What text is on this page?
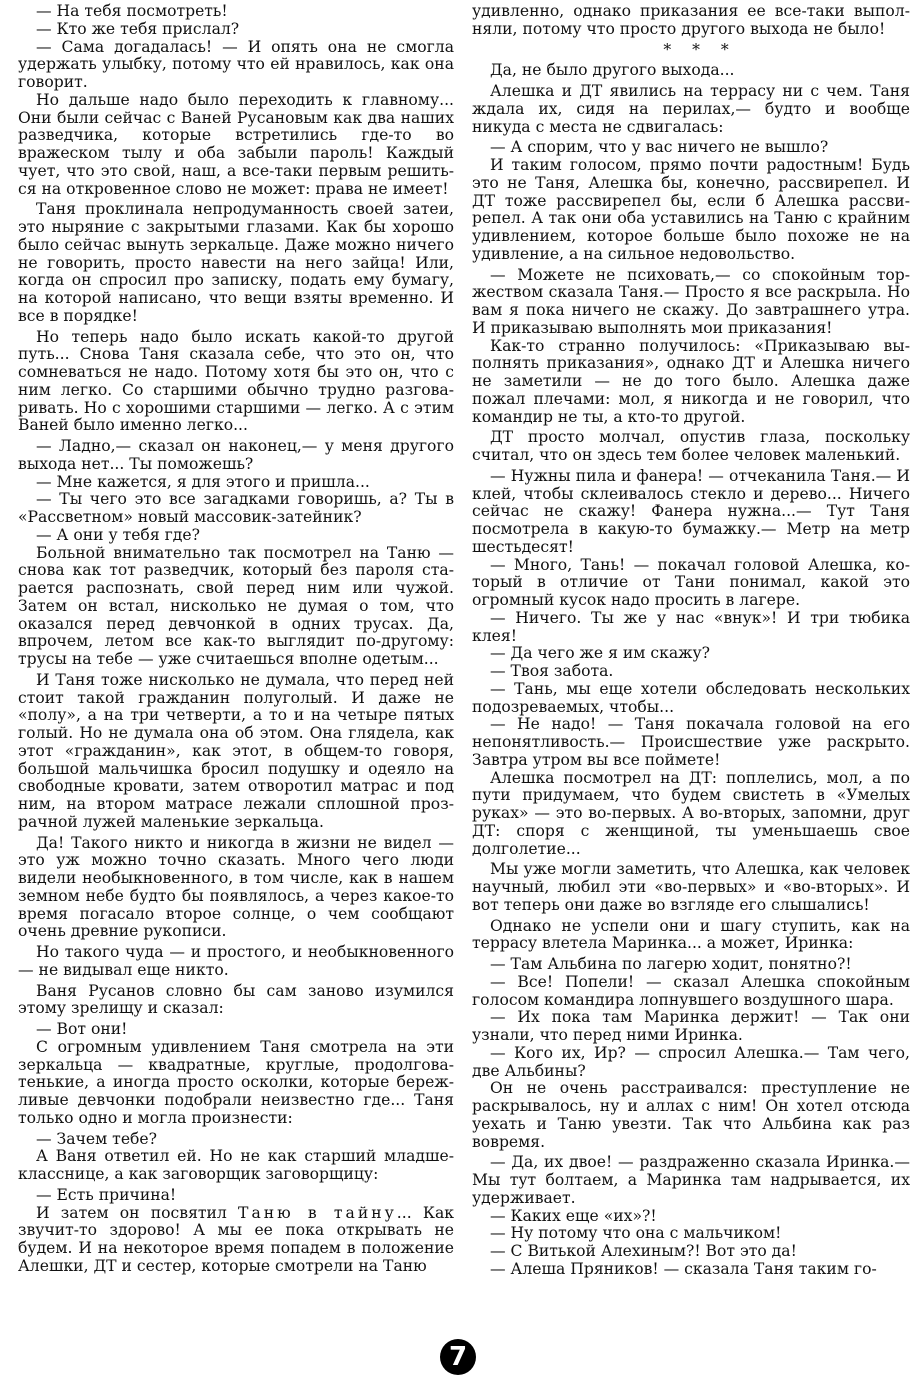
— На тебя посмотреть!

— Кто же тебя прислал?

— Сама догадалась! — И опять она не смогла удержать улыбку, потому что ей нравилось, как она говорит.

Но дальше надо было переходить к главному... Они были сейчас с Ваней Русановым как два наших разведчика, которые встретились где-то во вражеском тылу и оба забыли пароль! Каждый чует, что это свой, наш, а все-таки первым решиться на откровенное слово не может: права не имеет!

Таня проклинала непродуманность своей затеи, это ныряние с закрытыми глазами. Как бы хорошо было сейчас вынуть зеркальце. Даже можно ничего не говорить, просто навести на него зайца! Или, когда он спросил про записку, подать ему бумагу, на которой написано, что вещи взяты временно. И все в порядке!

Но теперь надо было искать какой-то другой путь... Снова Таня сказала себе, что это он, что сомневаться не надо. Потому хотя бы это он, что с ним легко. Со старшими обычно трудно разговаривать. Но с хорошими старшими — легко. А с этим Ваней было именно легко...

— Ладно,— сказал он наконец,— у меня другого выхода нет... Ты поможешь?

— Мне кажется, я для этого и пришла...

— Ты чего это все загадками говоришь, а? Ты в «Рассветном» новый массовик-затейник?

— А они у тебя где?

Больной внимательно так посмотрел на Таню — снова как тот разведчик, который без пароля старается распознать, свой перед ним или чужой. Затем он встал, нисколько не думая о том, что оказался перед девчонкой в одних трусах. Да, впрочем, летом все как-то выглядит по-другому: трусы на тебе — уже считаешься вполне одетым...

И Таня тоже нисколько не думала, что перед ней стоит такой гражданин полуголый. И даже не «полу», а на три четверти, а то и на четыре пятых голый. Но не думала она об этом. Она глядела, как этот «гражданин», как этот, в общем-то говоря, большой мальчишка бросил подушку и одеяло на свободные кровати, затем отворотил матрас и под ним, на втором матрасе лежали сплошной прозрачной лужей маленькие зеркальца.

Да! Такого никто и никогда в жизни не видел — это уж можно точно сказать. Много чего люди видели необыкновенного, в том числе, как в нашем земном небе будто бы появлялось, а через какое-то время погасало второе солнце, о чем сообщают очень древние рукописи.

Но такого чуда — и простого, и необыкновенного — не видывал еще никто.

Ваня Русанов словно бы сам заново изумился этому зрелищу и сказал:

— Вот они!

С огромным удивлением Таня смотрела на эти зеркальца — квадратные, круглые, продолговатенькие, а иногда просто осколки, которые бережливые девчонки подобрали неизвестно где... Таня только одно и могла произнести:

— Зачем тебе?

А Ваня ответил ей. Но не как старший младшекласснице, а как заговорщик заговорщицу:

— Есть причина!

И затем он посвятил Таню в тайну... Как звучит-то здорово! А мы ее пока открывать не будем. И на некоторое время попадем в положение Алешки, ДТ и сестер, которые смотрели на Таню

удивленно, однако приказания ее все-таки выполняли, потому что просто другого выхода не было!

* * *

Да, не было другого выхода...

Алешка и ДТ явились на террасу ни с чем. Таня ждала их, сидя на перилах,— будто и вообще никуда с места не сдвигалась:

— А спорим, что у вас ничего не вышло?

И таким голосом, прямо почти радостным! Будь это не Таня, Алешка бы, конечно, рассвирепел. И ДТ тоже рассвирепел бы, если б Алешка рассвирепел. А так они оба уставились на Таню с крайним удивлением, которое больше было похоже не на удивление, а на сильное недовольство.

— Можете не психовать,— со спокойным торжеством сказала Таня.— Просто я все раскрыла. Но вам я пока ничего не скажу. До завтрашнего утра. И приказываю выполнять мои приказания!

Как-то странно получилось: «Приказываю выполнять приказания», однако ДТ и Алешка ничего не заметили — не до того было. Алешка даже пожал плечами: мол, я никогда и не говорил, что командир не ты, а кто-то другой.

ДТ просто молчал, опустив глаза, поскольку считал, что он здесь тем более человек маленький.

— Нужны пила и фанера! — отчеканила Таня.— И клей, чтобы склеивалось стекло и дерево... Ничего сейчас не скажу! Фанера нужна...— Тут Таня посмотрела в какую-то бумажку.— Метр на метр шестьдесят!

— Много, Тань! — покачал головой Алешка, который в отличие от Тани понимал, какой это огромный кусок надо просить в лагере.

— Ничего. Ты же у нас «внук»! И три тюбика клея!

— Да чего же я им скажу?

— Твоя забота.

— Тань, мы еще хотели обследовать нескольких подозреваемых, чтобы...

— Не надо! — Таня покачала головой на его непонятливость.— Происшествие уже раскрыто. Завтра утром вы все поймете!

Алешка посмотрел на ДТ: поплелись, мол, а по пути придумаем, что будем свистеть в «Умелых руках» — это во-первых. А во-вторых, запомни, друг ДТ: споря с женщиной, ты уменьшаешь свое долголетие...

Мы уже могли заметить, что Алешка, как человек научный, любил эти «во-первых» и «во-вторых». И вот теперь они даже во взгляде его слышались!

Однако не успели они и шагу ступить, как на террасу влетела Маринка... а может, Иринка:

— Там Альбина по лагерю ходит, понятно?!

— Все! Попели! — сказал Алешка спокойным голосом командира лопнувшего воздушного шара.

— Их пока там Маринка держит! — Так они узнали, что перед ними Иринка.

— Кого их, Ир? — спросил Алешка.— Там чего, две Альбины?

Он не очень расстраивался: преступление не раскрывалось, ну и аллах с ним! Он хотел отсюда уехать и Таню увезти. Так что Альбина как раз вовремя.

— Да, их двое! — раздраженно сказала Иринка.— Мы тут болтаем, а Маринка там надрывается, их удерживает.

— Каких еще «их»?!

— Ну потому что она с мальчиком!

— С Витькой Алехиным?! Вот это да!

— Алеша Пряников! — сказала Таня таким го-

7
